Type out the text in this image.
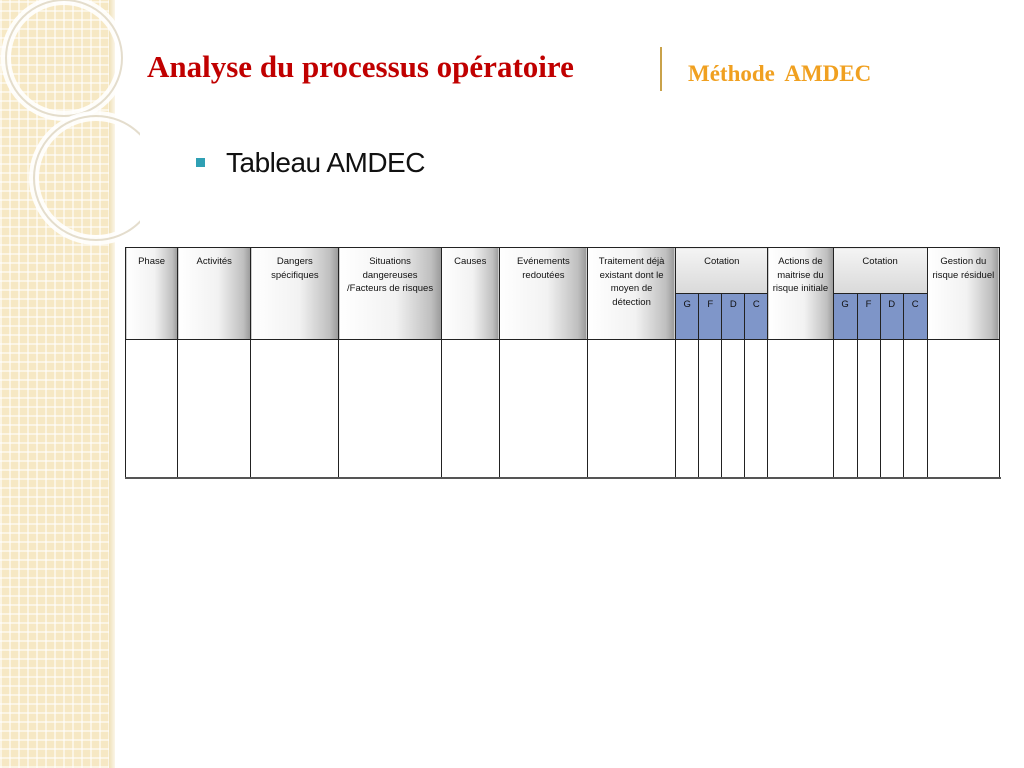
Analyse du processus opératoire	Méthode AMDEC
Tableau AMDEC
Phase	Activités	Dangers spécifiques	Situations dangereuses /Facteurs de risques	Causes	Evénements redoutées	Traitement déjà existant dont le moyen de détection	Cotation				Actions de maitrise du risque initiale	Cotation				Gestion du risque résiduel
							G	F	D	C		G	F	D	C	
